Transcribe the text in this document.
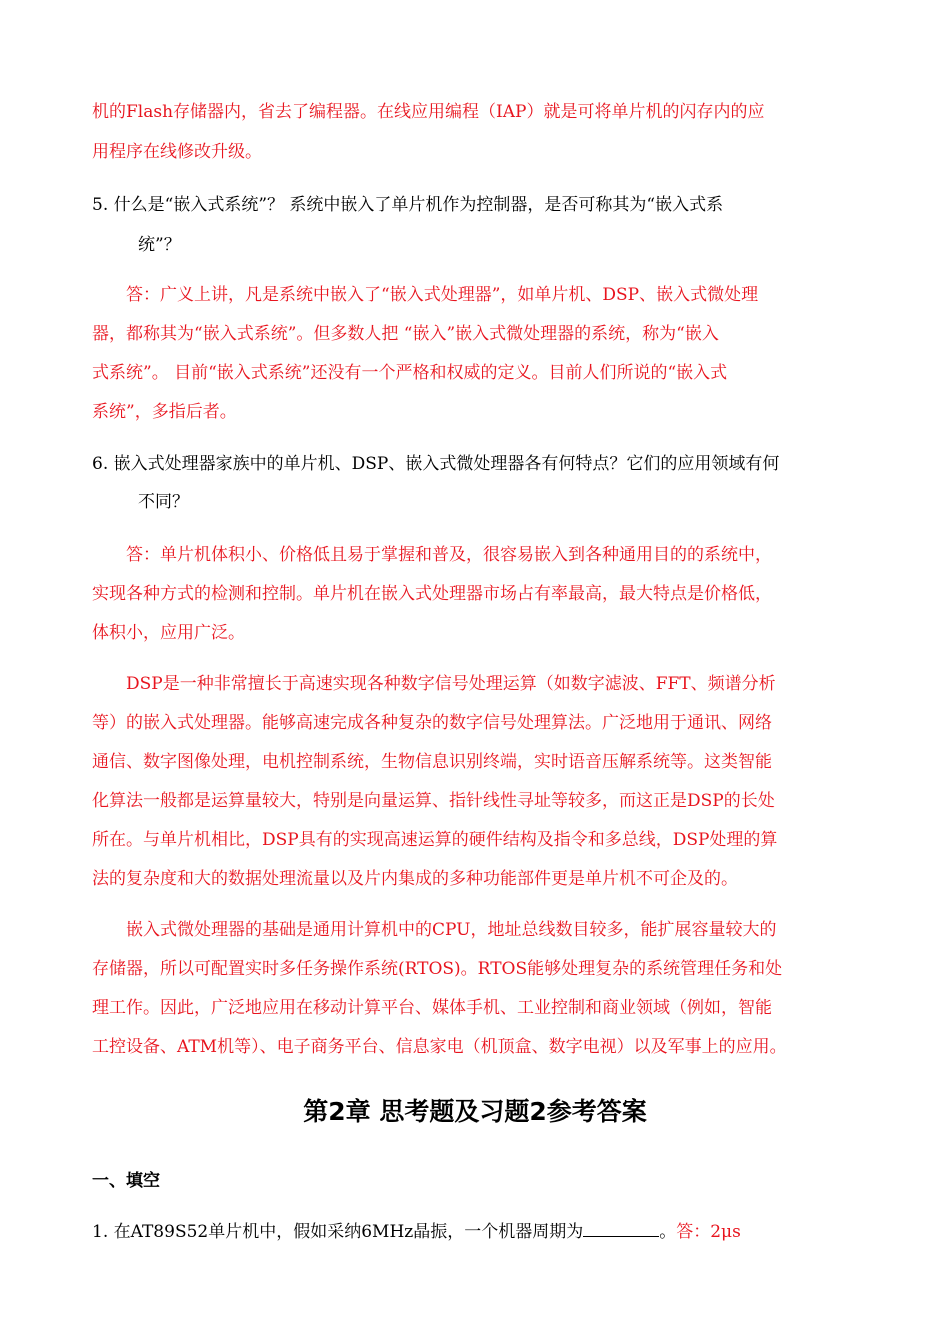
机的Flash存储器内，省去了编程器。在线应用编程（IAP）就是可将单片机的闪存内的应
用程序在线修改升级。
5. 什么是“嵌入式系统”？ 系统中嵌入了单片机作为控制器，是否可称其为“嵌入式系
统”？
答：广义上讲，凡是系统中嵌入了“嵌入式处理器”，如单片机、DSP、嵌入式微处理
器，都称其为“嵌入式系统”。但多数人把 “嵌入”嵌入式微处理器的系统，称为“嵌入
式系统”。 目前“嵌入式系统”还没有一个严格和权威的定义。目前人们所说的“嵌入式
系统”，多指后者。
6. 嵌入式处理器家族中的单片机、DSP、嵌入式微处理器各有何特点？它们的应用领域有何
不同？
答：单片机体积小、价格低且易于掌握和普及，很容易嵌入到各种通用目的的系统中，
实现各种方式的检测和控制。单片机在嵌入式处理器市场占有率最高，最大特点是价格低，
体积小，应用广泛。
DSP是一种非常擅长于高速实现各种数字信号处理运算（如数字滤波、FFT、频谱分析
等）的嵌入式处理器。能够高速完成各种复杂的数字信号处理算法。广泛地用于通讯、网络
通信、数字图像处理，电机控制系统，生物信息识别终端，实时语音压解系统等。这类智能
化算法一般都是运算量较大，特别是向量运算、指针线性寻址等较多，而这正是DSP的长处
所在。与单片机相比，DSP具有的实现高速运算的硬件结构及指令和多总线，DSP处理的算
法的复杂度和大的数据处理流量以及片内集成的多种功能部件更是单片机不可企及的。
嵌入式微处理器的基础是通用计算机中的CPU，地址总线数目较多，能扩展容量较大的
存储器，所以可配置实时多任务操作系统(RTOS)。RTOS能够处理复杂的系统管理任务和处
理工作。因此，广泛地应用在移动计算平台、媒体手机、工业控制和商业领域（例如，智能
工控设备、ATM机等）、电子商务平台、信息家电（机顶盒、数字电视）以及军事上的应用。
第2章 思考题及习题2参考答案
一、填空
1. 在AT89S52单片机中，假如采纳6MHz晶振，一个机器周期为	。答：2μs
